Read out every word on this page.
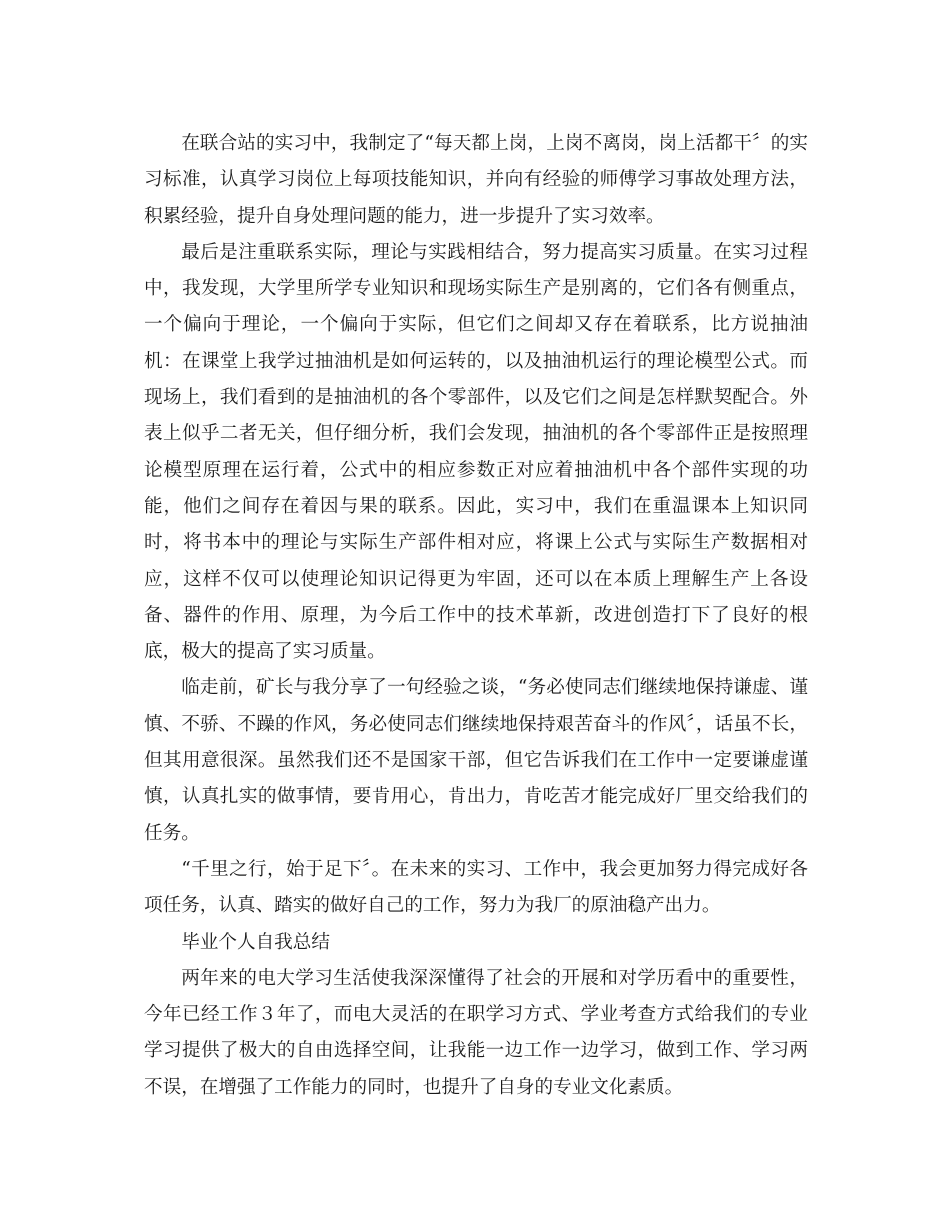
在联合站的实习中，我制定了“每天都上岗，上岗不离岗，岗上活都干〞的实习标准，认真学习岗位上每项技能知识，并向有经验的师傅学习事故处理方法，积累经验，提升自身处理问题的能力，进一步提升了实习效率。

最后是注重联系实际，理论与实践相结合，努力提高实习质量。在实习过程中，我发现，大学里所学专业知识和现场实际生产是别离的，它们各有侧重点，一个偏向于理论，一个偏向于实际，但它们之间却又存在着联系，比方说抽油机：在课堂上我学过抽油机是如何运转的，以及抽油机运行的理论模型公式。而现场上，我们看到的是抽油机的各个零部件，以及它们之间是怎样默契配合。外表上似乎二者无关，但仔细分析，我们会发现，抽油机的各个零部件正是按照理论模型原理在运行着，公式中的相应参数正对应着抽油机中各个部件实现的功能，他们之间存在着因与果的联系。因此，实习中，我们在重温课本上知识同时，将书本中的理论与实际生产部件相对应，将课上公式与实际生产数据相对应，这样不仅可以使理论知识记得更为牢固，还可以在本质上理解生产上各设备、器件的作用、原理，为今后工作中的技术革新，改进创造打下了良好的根底，极大的提高了实习质量。

临走前，矿长与我分享了一句经验之谈，“务必使同志们继续地保持谦虚、谨慎、不骄、不躁的作风，务必使同志们继续地保持艰苦奋斗的作风〞，话虽不长，但其用意很深。虽然我们还不是国家干部，但它告诉我们在工作中一定要谦虚谨慎，认真扎实的做事情，要肯用心，肯出力，肯吃苦才能完成好厂里交给我们的任务。

“千里之行，始于足下〞。在未来的实习、工作中，我会更加努力得完成好各项任务，认真、踏实的做好自己的工作，努力为我厂的原油稳产出力。

毕业个人自我总结

两年来的电大学习生活使我深深懂得了社会的开展和对学历看中的重要性，今年已经工作３年了，而电大灵活的在职学习方式、学业考查方式给我们的专业学习提供了极大的自由选择空间，让我能一边工作一边学习，做到工作、学习两不误，在增强了工作能力的同时，也提升了自身的专业文化素质。
